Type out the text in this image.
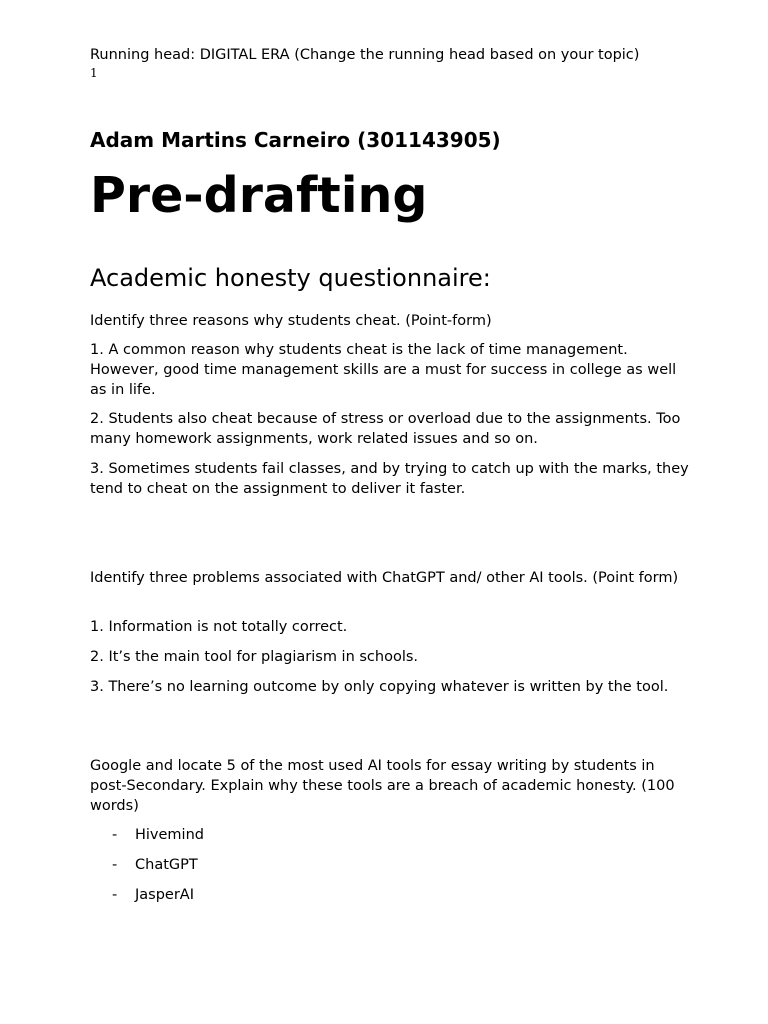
Running head: DIGITAL ERA (Change the running head based on your topic)
1
Adam Martins Carneiro (301143905)
Pre-drafting
Academic honesty questionnaire:
Identify three reasons why students cheat. (Point-form)
1. A common reason why students cheat is the lack of time management. However, good time management skills are a must for success in college as well as in life.
2. Students also cheat because of stress or overload due to the assignments. Too many homework assignments, work related issues and so on.
3. Sometimes students fail classes, and by trying to catch up with the marks, they tend to cheat on the assignment to deliver it faster.
Identify three problems associated with ChatGPT and/ other AI tools. (Point form)
1. Information is not totally correct.
2. It’s the main tool for plagiarism in schools.
3. There’s no learning outcome by only copying whatever is written by the tool.
Google and locate 5 of the most used AI tools for essay writing by students in post-Secondary. Explain why these tools are a breach of academic honesty. (100 words)
- Hivemind
- ChatGPT
- JasperAI
